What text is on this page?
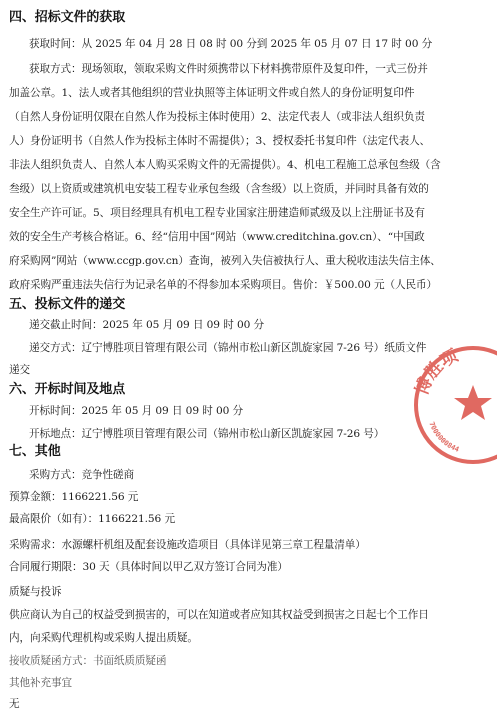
四、招标文件的获取
获取时间：从 2025 年 04 月 28 日 08 时 00 分到 2025 年 05 月 07 日 17 时 00 分
获取方式：现场领取，领取采购文件时须携带以下材料携带原件及复印件，一式三份并
加盖公章。1、法人或者其他组织的营业执照等主体证明文件或自然人的身份证明复印件
（自然人身份证明仅限在自然人作为投标主体时使用）2、法定代表人（或非法人组织负责
人）身份证明书（自然人作为投标主体时不需提供）；3、授权委托书复印件（法定代表人、
非法人组织负责人、自然人本人购买采购文件的无需提供）。4、机电工程施工总承包叁级（含
叁级）以上资质或建筑机电安装工程专业承包叁级（含叁级）以上资质，并同时具备有效的
安全生产许可证。5、项目经理具有机电工程专业国家注册建造师贰级及以上注册证书及有
效的安全生产考核合格证。6、经“信用中国”网站（www.creditchina.gov.cn）、“中国政
府采购网”网站（www.ccgp.gov.cn）查询，被列入失信被执行人、重大税收违法失信主体、
政府采购严重违法失信行为记录名单的不得参加本采购项目。售价：￥500.00 元（人民币）
五、投标文件的递交
递交截止时间：2025 年 05 月 09 日 09 时 00 分
递交方式：辽宁博胜项目管理有限公司（锦州市松山新区凯旋家园 7-26 号）纸质文件
递交
六、开标时间及地点
开标时间：2025 年 05 月 09 日 09 时 00 分
开标地点：辽宁博胜项目管理有限公司（锦州市松山新区凯旋家园 7-26 号）
七、其他
采购方式：竞争性磋商
预算金额：1166221.56 元
最高限价（如有）：1166221.56 元
采购需求：水源螺杆机组及配套设施改造项目（具体详见第三章工程量清单）
合同履行期限：30 天（具体时间以甲乙双方签订合同为准）
质疑与投诉
供应商认为自己的权益受到损害的，可以在知道或者应知其权益受到损害之日起七个工作日
内，向采购代理机构或采购人提出质疑。
接收质疑函方式：书面纸质质疑函
其他补充事宜
无
博胜项
7000000844
